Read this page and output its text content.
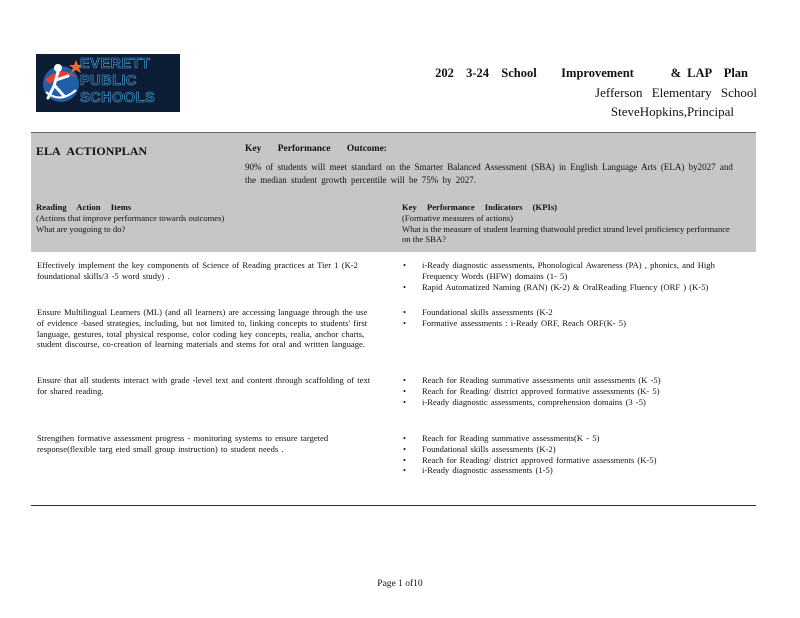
EVERETT
PUBLIC
SCHOOLS
202  3-24  School    Improvement      & LAP  Plan
Jefferson Elementary School
SteveHopkins,Principal
ELA ACTIONPLAN	Key Performance Outcome:
90% of students will meet standard on the Smarter Balanced Assessment (SBA) in English Language Arts (ELA) by2027 and the median student growth percentile will be 75% by 2027.
Reading Action Items
(Actions that improve performance towards outcomes)
What are yougoing to do?
Key Performance Indicators (KPIs)
(Formative measures of actions)
What is the measure of student learning thatwould predict strand level proficiency performance on the SBA?
Effectively implement the key components of Science of Reading practices at Tier 1 (K-2 foundational skills/3 -5 word study) .
• i-Ready diagnostic assessments, Phonological Awareness (PA) , phonics, and High Frequency Words (HFW) domains (1- 5)
• Rapid Automatized Naming (RAN) (K-2) & OralReading Fluency (ORF ) (K-5)
Ensure Multilingual Learners (ML) (and all learners) are accessing language through the use of evidence -based strategies, including, but not limited to, linking concepts to students' first language, gestures, total physical response, color coding key concepts, realia, anchor charts, student discourse, co-creation of learning materials and stems for oral and written language.
• Foundational skills assessments (K-2
• Formative assessments : i-Ready ORF, Reach ORF(K- 5)
Ensure that all students interact with grade -level text and content through scaffolding of text for shared reading.
• Reach for Reading summative assessments unit assessments (K -5)
• Reach for Reading/ district approved formative assessments (K- 5)
• i-Ready diagnostic assessments, comprehension domains (3 -5)
Strengthen formative assessment progress - monitoring systems to ensure targeted response(flexible targ eted small group instruction) to student needs .
• Reach for Reading summative assessments(K - 5)
• Foundational skills assessments (K-2)
• Reach for Reading/ district approved formative assessments (K-5)
• i-Ready diagnostic assessments (1-5)
Page 1 of10
